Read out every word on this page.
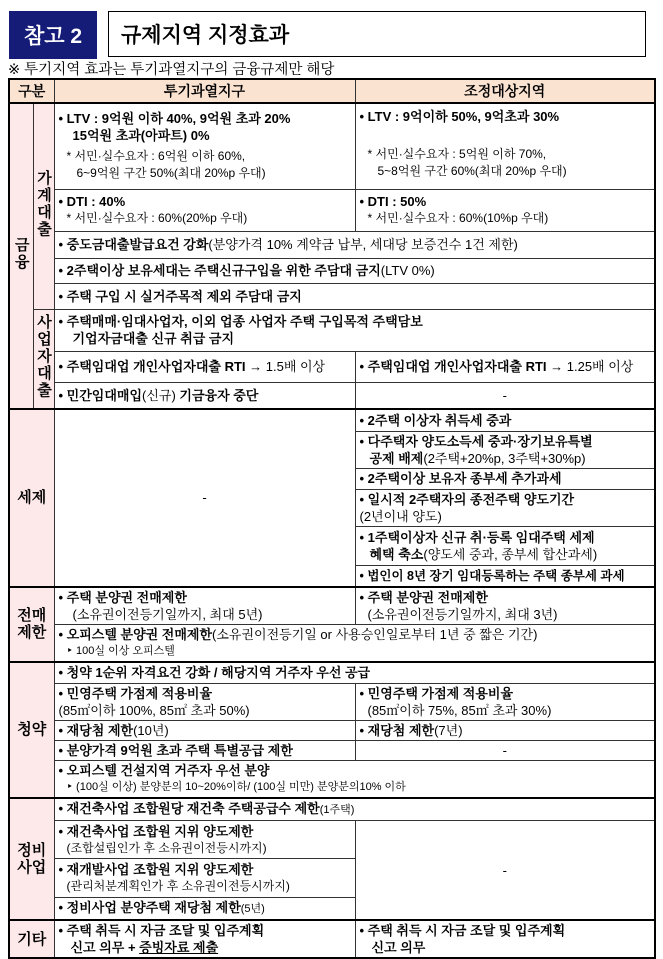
참고 2	규제지역 지정효과
※ 투기지역 효과는 투기과열지구의 금융규제만 해당
구분		투기과열지구	조정대상지역
금융	가계대출	• LTV : 9억원 이하 40%, 9억원 초과 20%
15억원 초과(아파트) 0%
* 서민·실수요자 : 6억원 이하 60%,
6~9억원 구간 50%(최대 20%p 우대)	• LTV : 9억이하 50%, 9억초과 30%

* 서민·실수요자 : 5억원 이하 70%,
5~8억원 구간 60%(최대 20%p 우대)

		• DTI : 40%
* 서민·실수요자 : 60%(20%p 우대)	• DTI : 50%
* 서민·실수요자 : 60%(10%p 우대)

		• 중도금대출발급요건 강화(분양가격 10% 계약금 납부, 세대당 보증건수 1건 제한)	
		• 2주택이상 보유세대는 주택신규구입을 위한 주담대 금지(LTV 0%)	
		• 주택 구입 시 실거주목적 제외 주담대 금지	
	사업자대출	• 주택매매·임대사업자, 이외 업종 사업자 주택 구입목적 주택담보
기업자금대출 신규 취급 금지	

		• 주택임대업 개인사업자대출 RTI → 1.5배 이상	• 주택임대업 개인사업자대출 RTI → 1.25배 이상
		• 민간임대매입(신규) 기금융자 중단	-
세제		-	• 2주택 이상자 취득세 중과
			• 다주택자 양도소득세 중과·장기보유특별
공제 배제(2주택+20%p, 3주택+30%p)
			• 2주택이상 보유자 종부세 추가과세
			• 일시적 2주택자의 종전주택 양도기간
(2년이내 양도)
			• 1주택이상자 신규 취·등록 임대주택 세제
혜택 축소(양도세 중과, 종부세 합산과세)
			• 법인이 8년 장기 임대등록하는 주택 종부세 과세
전매제한		• 주택 분양권 전매제한
(소유권이전등기일까지, 최대 5년)	• 주택 분양권 전매제한
(소유권이전등기일까지, 최대 3년)

		• 오피스텔 분양권 전매제한(소유권이전등기일 or 사용승인일로부터 1년 중 짧은 기간)
‣ 100실 이상 오피스텔	

청약		• 청약 1순위 자격요건 강화 / 해당지역 거주자 우선 공급	
		• 민영주택 가점제 적용비율
(85㎡이하 100%, 85㎡ 초과 50%)	• 민영주택 가점제 적용비율
(85㎡이하 75%, 85㎡ 초과 30%)
		• 재당첨 제한(10년)	• 재당첨 제한(7년)
		• 분양가격 9억원 초과 주택 특별공급 제한	-
		• 오피스텔 건설지역 거주자 우선 분양
‣ (100실 이상) 분양분의 10~20%이하/ (100실 미만) 분양분의10% 이하	

정비사업		• 재건축사업 조합원당 재건축 주택공급수 제한(1주택)	
		• 재건축사업 조합원 지위 양도제한
(조합설립인가 후 소유권이전등시까지)	-
		• 재개발사업 조합원 지위 양도제한
(관리처분계획인가 후 소유권이전등시까지)	

		• 정비사업 분양주택 재당첨 제한(5년)	
기타		• 주택 취득 시 자금 조달 및 입주계획
신고 의무 + 증빙자료 제출	• 주택 취득 시 자금 조달 및 입주계획
신고 의무
